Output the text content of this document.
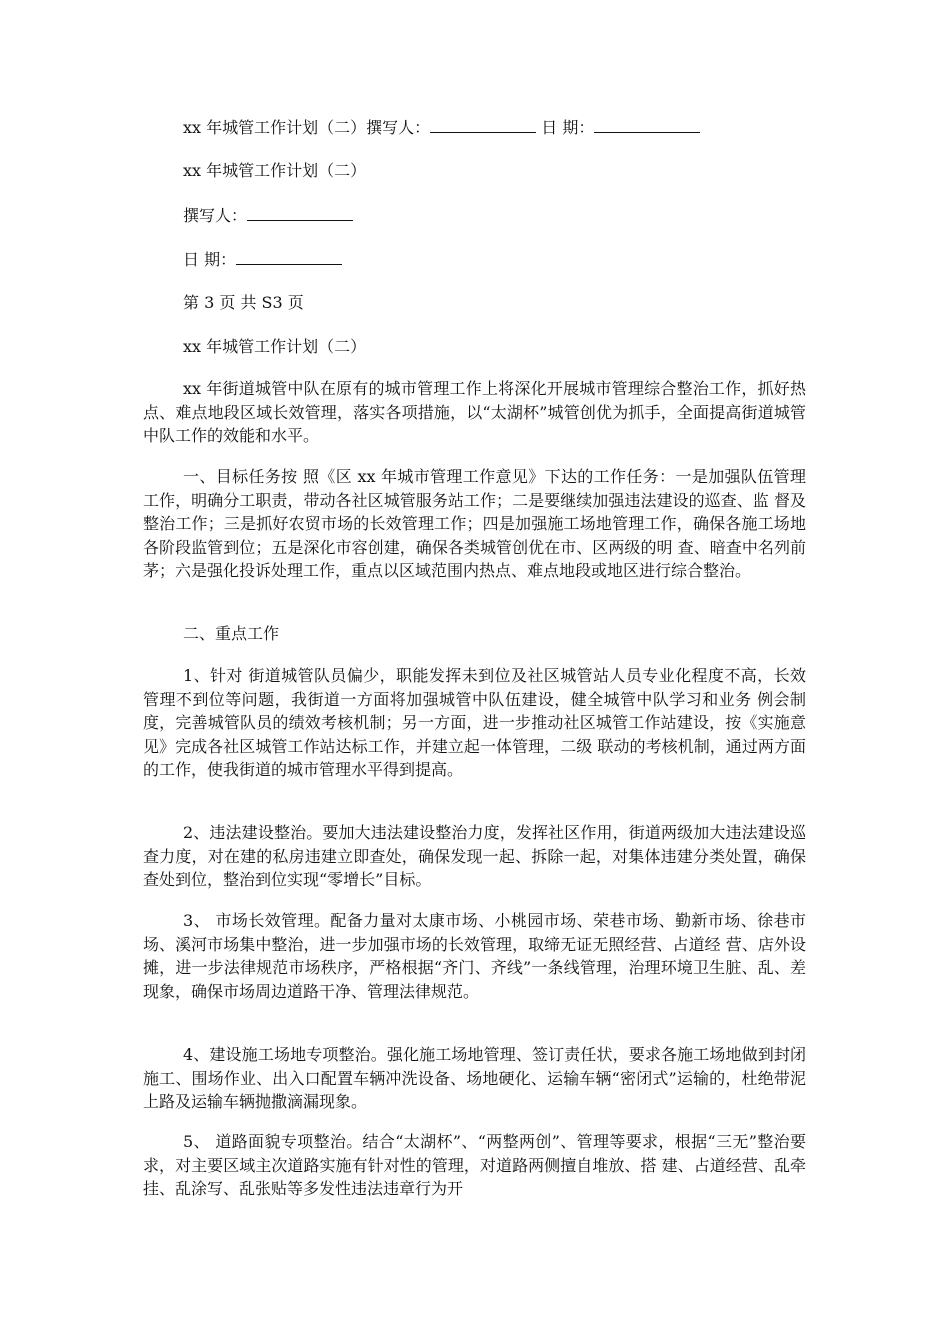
xx 年城管工作计划（二）撰写人：	日 期：
xx 年城管工作计划（二）
撰写人：
日 期：
第 3 页 共 S3 页
xx 年城管工作计划（二）

xx 年街道城管中队在原有的城市管理工作上将深化开展城市管理综合整治工作，抓好热点、难点地段区域长效管理，落实各项措施，以“太湖杯”城管创优为抓手，全面提高街道城管中队工作的效能和水平。

一、目标任务按 照《区 xx 年城市管理工作意见》下达的工作任务：一是加强队伍管理工作，明确分工职责，带动各社区城管服务站工作；二是要继续加强违法建设的巡查、监 督及整治工作；三是抓好农贸市场的长效管理工作；四是加强施工场地管理工作，确保各施工场地各阶段监管到位；五是深化市容创建，确保各类城管创优在市、区两级的明 查、暗查中名列前茅；六是强化投诉处理工作，重点以区域范围内热点、难点地段或地区进行综合整治。

二、重点工作

1、针对 街道城管队员偏少，职能发挥未到位及社区城管站人员专业化程度不高，长效管理不到位等问题，我街道一方面将加强城管中队伍建设，健全城管中队学习和业务 例会制度，完善城管队员的绩效考核机制；另一方面，进一步推动社区城管工作站建设，按《实施意见》完成各社区城管工作站达标工作，并建立起一体管理，二级 联动的考核机制，通过两方面的工作，使我街道的城市管理水平得到提高。

2、违法建设整治。要加大违法建设整治力度，发挥社区作用，街道两级加大违法建设巡查力度，对在建的私房违建立即查处，确保发现一起、拆除一起，对集体违建分类处置，确保查处到位，整治到位实现“零增长”目标。

3、 市场长效管理。配备力量对太康市场、小桃园市场、荣巷市场、勤新市场、徐巷市场、溪河市场集中整治，进一步加强市场的长效管理，取缔无证无照经营、占道经 营、店外设摊，进一步法律规范市场秩序，严格根据“齐门、齐线”一条线管理，治理环境卫生脏、乱、差现象，确保市场周边道路干净、管理法律规范。

4、建设施工场地专项整治。强化施工场地管理、签订责任状，要求各施工场地做到封闭施工、围场作业、出入口配置车辆冲洗设备、场地硬化、运输车辆“密闭式”运输的，杜绝带泥上路及运输车辆抛撒滴漏现象。

5、 道路面貌专项整治。结合“太湖杯”、“两整两创”、管理等要求，根据“三无”整治要求，对主要区域主次道路实施有针对性的管理，对道路两侧擅自堆放、搭 建、占道经营、乱牵挂、乱涂写、乱张贴等多发性违法违章行为开
